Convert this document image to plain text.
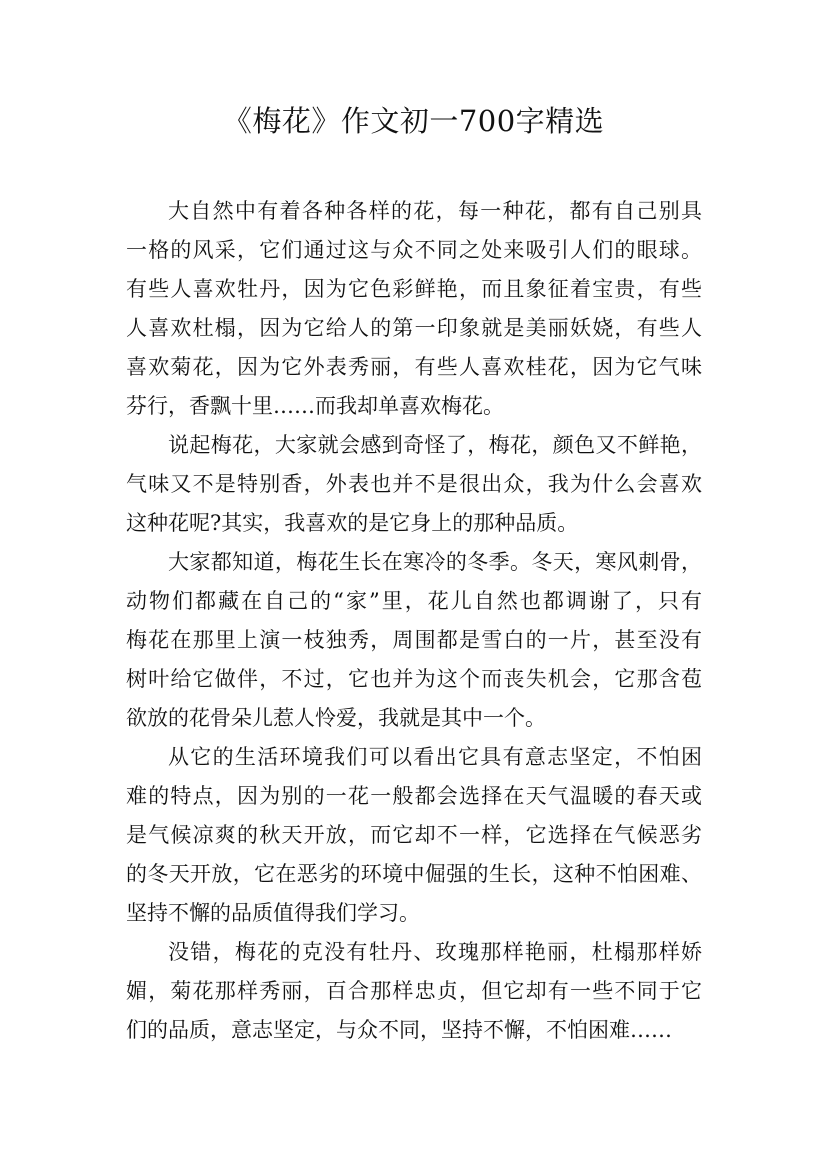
《梅花》作文初一700字精选

大自然中有着各种各样的花，每一种花，都有自己别具

一格的风采，它们通过这与众不同之处来吸引人们的眼球。

有些人喜欢牡丹，因为它色彩鲜艳，而且象征着宝贵，有些

人喜欢杜榻，因为它给人的第一印象就是美丽妖娆，有些人

喜欢菊花，因为它外表秀丽，有些人喜欢桂花，因为它气味

芬行，香飘十里……而我却单喜欢梅花。

说起梅花，大家就会感到奇怪了，梅花，颜色又不鲜艳，

气味又不是特别香，外表也并不是很出众，我为什么会喜欢

这种花呢?其实，我喜欢的是它身上的那种品质。

大家都知道，梅花生长在寒冷的冬季。冬天，寒风刺骨，

动物们都藏在自己的“家”里，花儿自然也都调谢了，只有

梅花在那里上演一枝独秀，周围都是雪白的一片，甚至没有

树叶给它做伴，不过，它也并为这个而丧失机会，它那含苞

欲放的花骨朵儿惹人怜爱，我就是其中一个。

从它的生活环境我们可以看出它具有意志坚定，不怕困

难的特点，因为别的一花一般都会选择在天气温暖的春天或

是气候凉爽的秋天开放，而它却不一样，它选择在气候恶劣

的冬天开放，它在恶劣的环境中倔强的生长，这种不怕困难、

坚持不懈的品质值得我们学习。

没错，梅花的克没有牡丹、玫瑰那样艳丽，杜榻那样娇

媚，菊花那样秀丽，百合那样忠贞，但它却有一些不同于它

们的品质，意志坚定，与众不同，坚持不懈，不怕困难……
